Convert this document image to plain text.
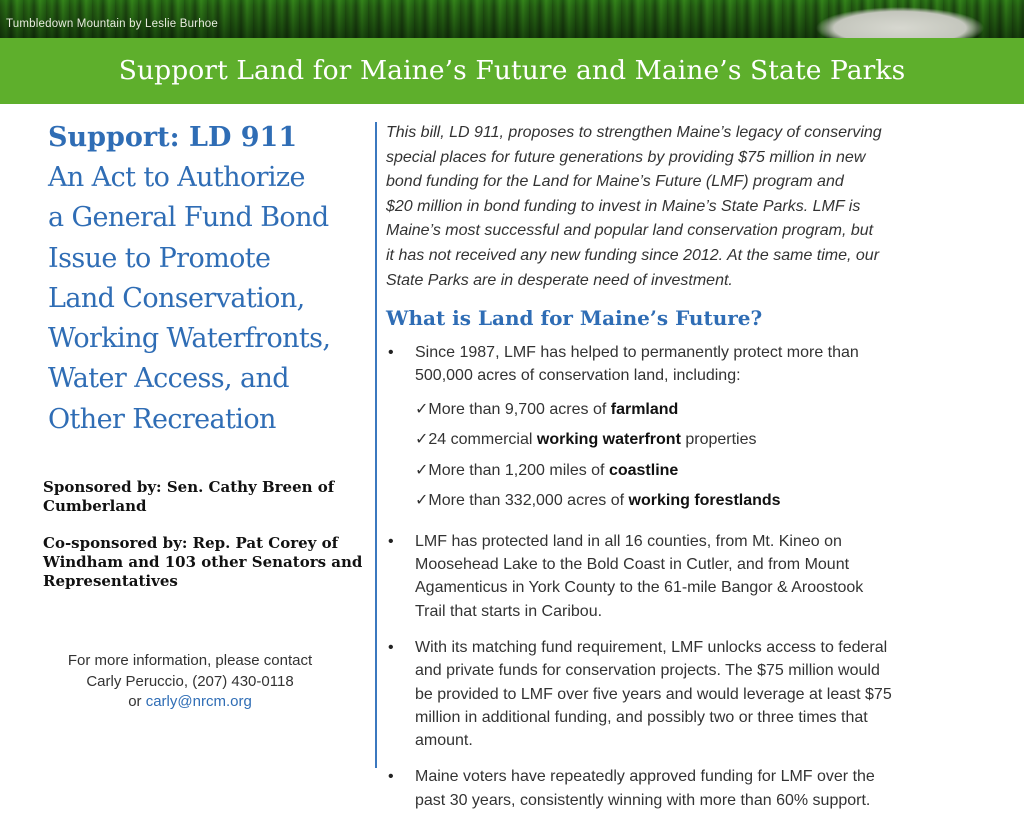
Tumbledown Mountain by Leslie Burhoe
Support Land for Maine’s Future and Maine’s State Parks
Support: LD 911
An Act to Authorize
a General Fund Bond
Issue to Promote
Land Conservation,
Working Waterfronts,
Water Access, and
Other Recreation

Sponsored by: Sen. Cathy Breen of Cumberland

Co-sponsored by: Rep. Pat Corey of Windham and 103 other Senators and Representatives

For more information, please contact
Carly Peruccio, (207) 430-0118
or carly@nrcm.org
This bill, LD 911, proposes to strengthen Maine’s legacy of conserving
special places for future generations by providing $75 million in new
bond funding for the Land for Maine’s Future (LMF) program and
$20 million in bond funding to invest in Maine’s State Parks. LMF is
Maine’s most successful and popular land conservation program, but
it has not received any new funding since 2012. At the same time, our
State Parks are in desperate need of investment.
What is Land for Maine’s Future?
• Since 1987, LMF has helped to permanently protect more than
500,000 acres of conservation land, including:
✓More than 9,700 acres of farmland
✓24 commercial working waterfront properties
✓More than 1,200 miles of coastline
✓More than 332,000 acres of working forestlands
• LMF has protected land in all 16 counties, from Mt. Kineo on
Moosehead Lake to the Bold Coast in Cutler, and from Mount
Agamenticus in York County to the 61-mile Bangor & Aroostook
Trail that starts in Caribou.
• With its matching fund requirement, LMF unlocks access to federal
and private funds for conservation projects. The $75 million would
be provided to LMF over five years and would leverage at least $75
million in additional funding, and possibly two or three times that
amount.
• Maine voters have repeatedly approved funding for LMF over the
past 30 years, consistently winning with more than 60% support.
